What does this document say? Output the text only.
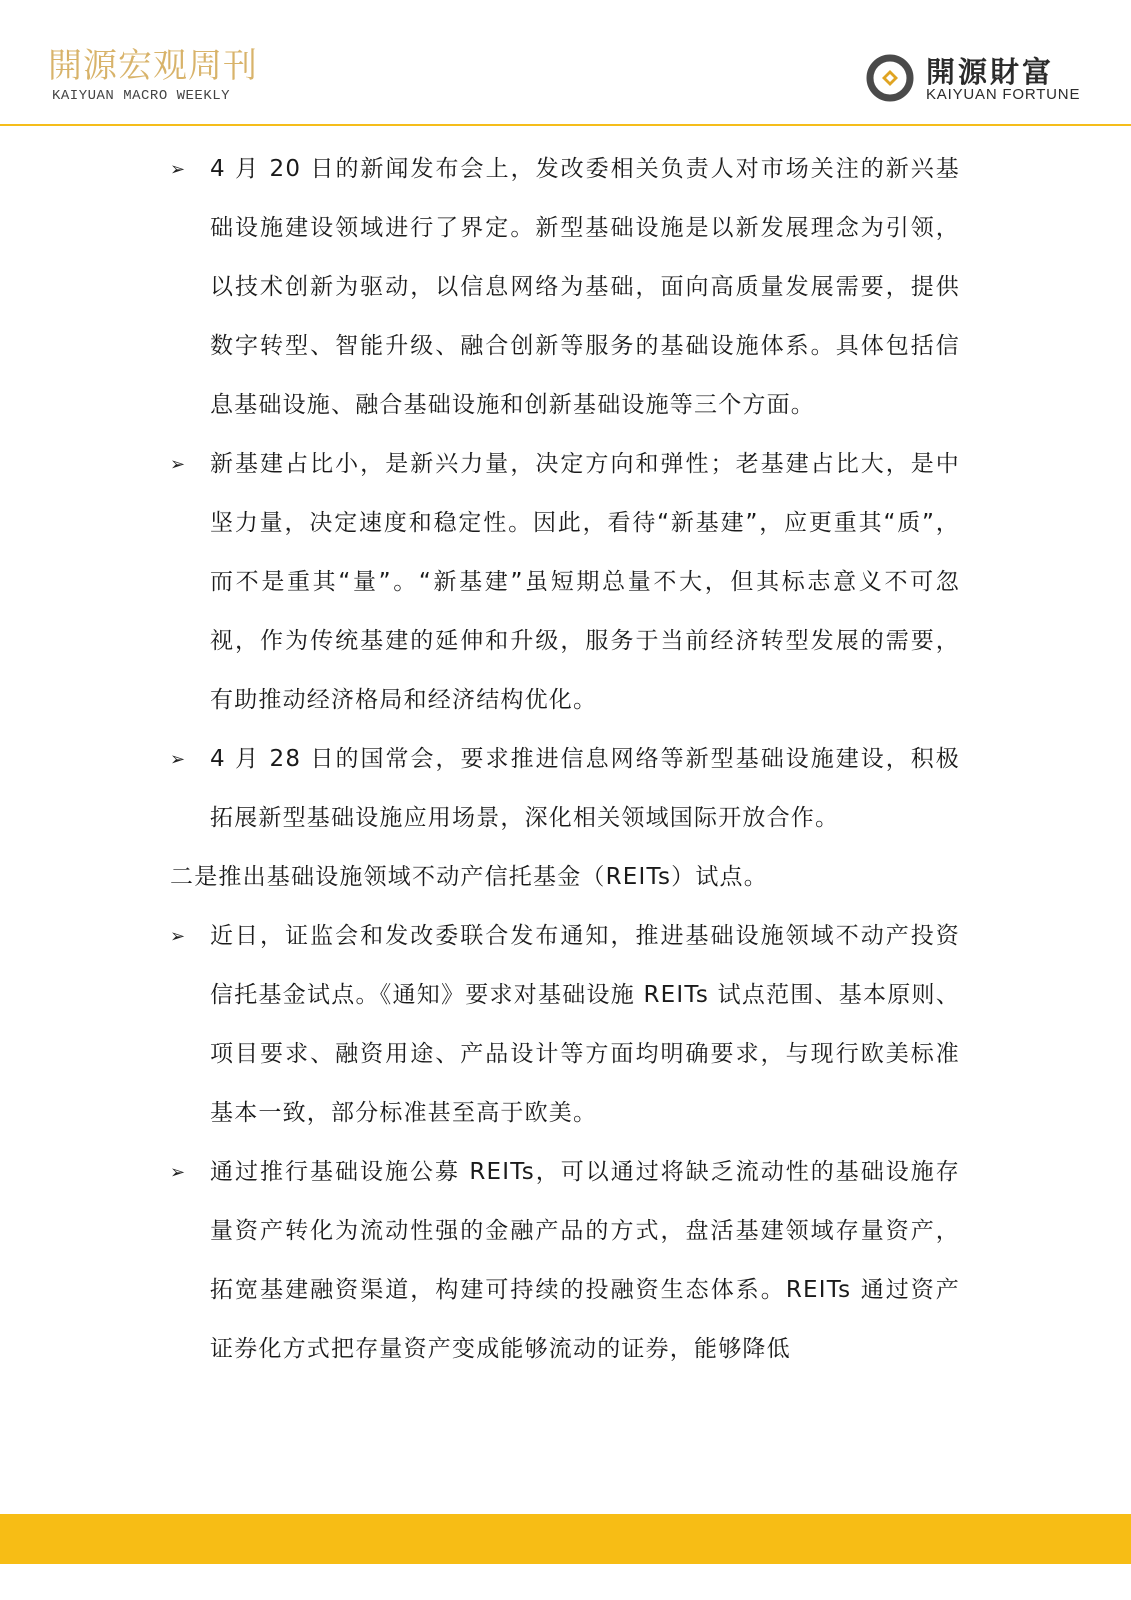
開源宏观周刊
KAIYUAN MACRO WEEKLY
開源財富
KAIYUAN FORTUNE

➢ 4 月 20 日的新闻发布会上，发改委相关负责人对市场关注的新兴基础设施建设领域进行了界定。新型基础设施是以新发展理念为引领，以技术创新为驱动，以信息网络为基础，面向高质量发展需要，提供数字转型、智能升级、融合创新等服务的基础设施体系。具体包括信息基础设施、融合基础设施和创新基础设施等三个方面。

➢ 新基建占比小，是新兴力量，决定方向和弹性；老基建占比大，是中坚力量，决定速度和稳定性。因此，看待“新基建”，应更重其“质”，而不是重其“量”。“新基建”虽短期总量不大，但其标志意义不可忽视，作为传统基建的延伸和升级，服务于当前经济转型发展的需要，有助推动经济格局和经济结构优化。

➢ 4 月 28 日的国常会，要求推进信息网络等新型基础设施建设，积极拓展新型基础设施应用场景，深化相关领域国际开放合作。

二是推出基础设施领域不动产信托基金（REITs）试点。

➢ 近日，证监会和发改委联合发布通知，推进基础设施领域不动产投资信托基金试点。《通知》要求对基础设施 REITs 试点范围、基本原则、项目要求、融资用途、产品设计等方面均明确要求，与现行欧美标准基本一致，部分标准甚至高于欧美。

➢ 通过推行基础设施公募 REITs，可以通过将缺乏流动性的基础设施存量资产转化为流动性强的金融产品的方式，盘活基建领域存量资产，拓宽基建融资渠道，构建可持续的投融资生态体系。REITs 通过资产证券化方式把存量资产变成能够流动的证券，能够降低
